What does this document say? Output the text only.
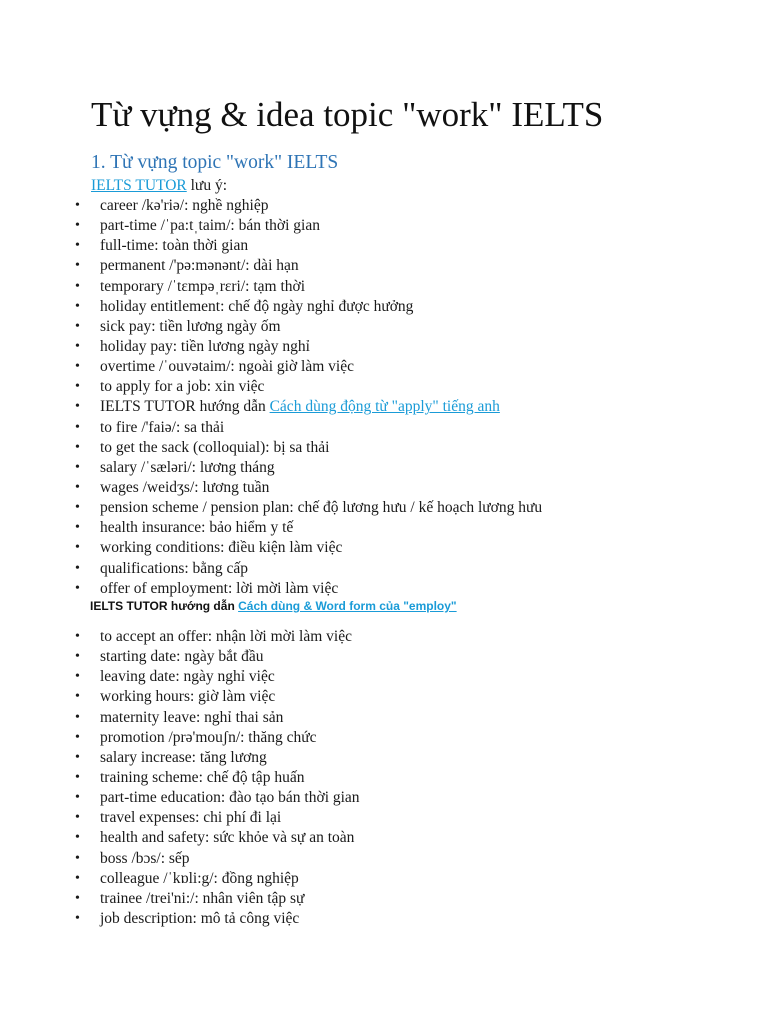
Từ vựng & idea topic "work" IELTS
1. Từ vựng topic "work" IELTS
IELTS TUTOR lưu ý:
• career /kə'riə/: nghề nghiệp
• part-time /ˈpa:tˌtaim/: bán thời gian
• full-time: toàn thời gian
• permanent /'pə:mənənt/: dài hạn
• temporary /ˈtɛmpəˌrɛri/: tạm thời
• holiday entitlement: chế độ ngày nghỉ được hưởng
• sick pay: tiền lương ngày ốm
• holiday pay: tiền lương ngày nghỉ
• overtime /ˈouvətaim/: ngoài giờ làm việc
• to apply for a job: xin việc
• IELTS TUTOR hướng dẫn Cách dùng động từ "apply" tiếng anh
• to fire /'faiə/: sa thải
• to get the sack (colloquial): bị sa thải
• salary /ˈsæləri/: lương tháng
• wages /weidʒs/: lương tuần
• pension scheme / pension plan: chế độ lương hưu / kế hoạch lương hưu
• health insurance: bảo hiểm y tế
• working conditions: điều kiện làm việc
• qualifications: bằng cấp
• offer of employment: lời mời làm việc
IELTS TUTOR hướng dẫn Cách dùng & Word form của "employ"
• to accept an offer: nhận lời mời làm việc
• starting date: ngày bắt đầu
• leaving date: ngày nghỉ việc
• working hours: giờ làm việc
• maternity leave: nghỉ thai sản
• promotion /prə'mouʃn/: thăng chức
• salary increase: tăng lương
• training scheme: chế độ tập huấn
• part-time education: đào tạo bán thời gian
• travel expenses: chi phí đi lại
• health and safety: sức khỏe và sự an toàn
• boss /bɔs/: sếp
• colleague /ˈkɒli:g/: đồng nghiệp
• trainee /trei'ni:/: nhân viên tập sự
• job description: mô tả công việc
